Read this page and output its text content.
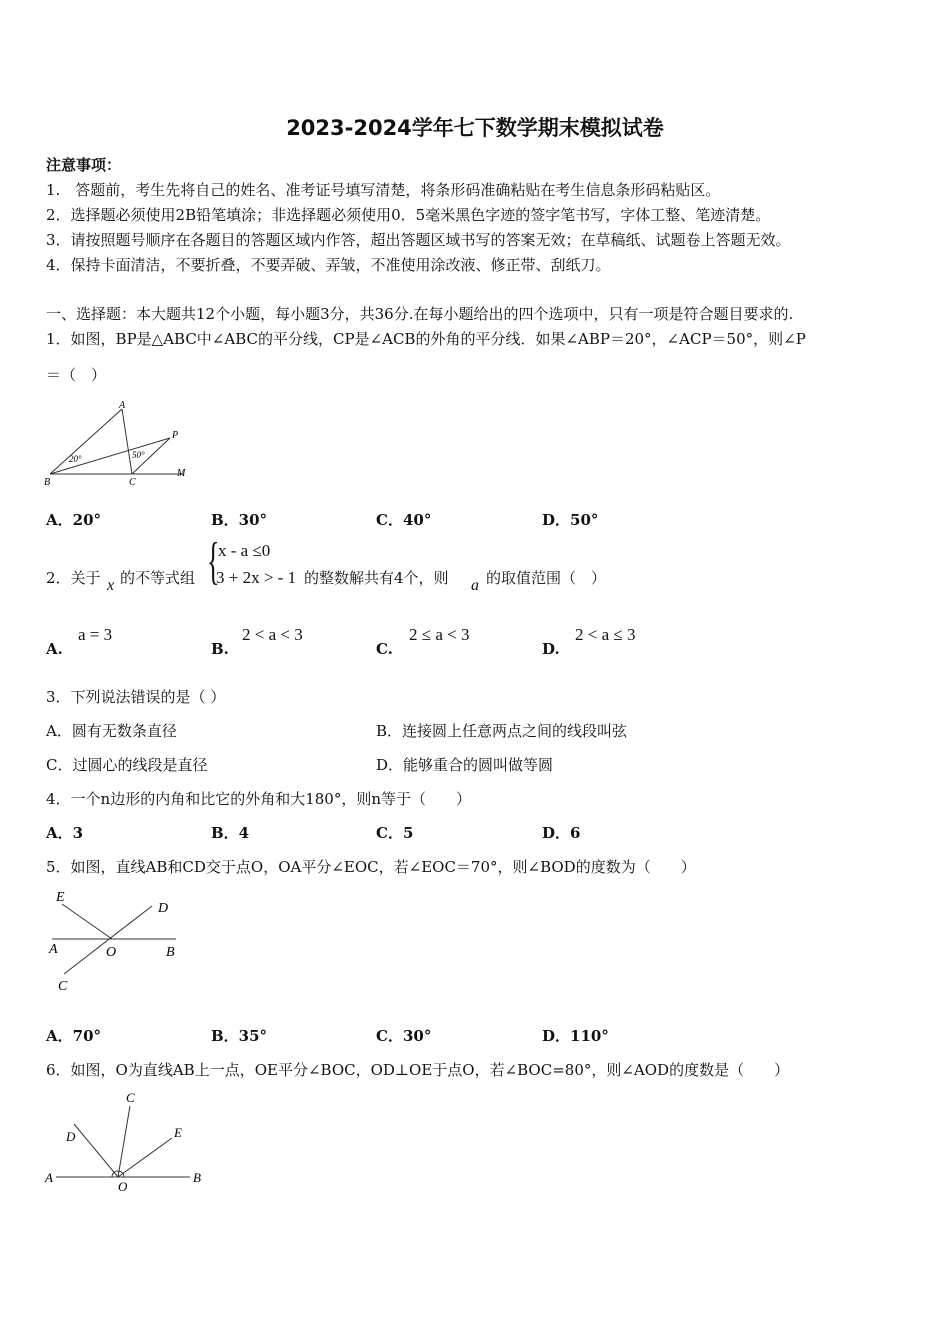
2023-2024学年七下数学期末模拟试卷
注意事项：
1.　答题前，考生先将自己的姓名、准考证号填写清楚，将条形码准确粘贴在考生信息条形码粘贴区。
2．选择题必须使用2B铅笔填涂；非选择题必须使用0．5毫米黑色字迹的签字笔书写，字体工整、笔迹清楚。
3．请按照题号顺序在各题目的答题区域内作答，超出答题区域书写的答案无效；在草稿纸、试题卷上答题无效。
4．保持卡面清洁，不要折叠，不要弄破、弄皱，不准使用涂改液、修正带、刮纸刀。
一、选择题：本大题共12个小题，每小题3分，共36分.在每小题给出的四个选项中，只有一项是符合题目要求的.
1．如图，BP是△ABC中∠ABC的平分线，CP是∠ACB的外角的平分线．如果∠ABP＝20°，∠ACP＝50°，则∠P
＝（　）
A
B	C
P
M
20°	50°
A．20°	B．30°	C．40°	D．50°
2．关于 x 的不等式组 {
x - a ≤0
3 + 2x > - 1 的整数解共有4个，则 a 的取值范围（　）
A.
a = 3
B.
2 < a < 3
C.
2 ≤ a < 3
D.
2 < a ≤ 3
3．下列说法错误的是（ ）
A．圆有无数条直径	B．连接圆上任意两点之间的线段叫弦
C．过圆心的线段是直径	D．能够重合的圆叫做等圆
4．一个n边形的内角和比它的外角和大180°，则n等于（　　）
A．3	B．4	C．5	D．6
5．如图，直线AB和CD交于点O，OA平分∠EOC，若∠EOC＝70°，则∠BOD的度数为（　　）
E
D
A	O	B
C
A．70°	B．35°	C．30°	D．110°
6．如图，O为直线AB上一点，OE平分∠BOC，OD⊥OE于点O，若∠BOC=80°，则∠AOD的度数是（　　）
C
D	E
A
O
B
